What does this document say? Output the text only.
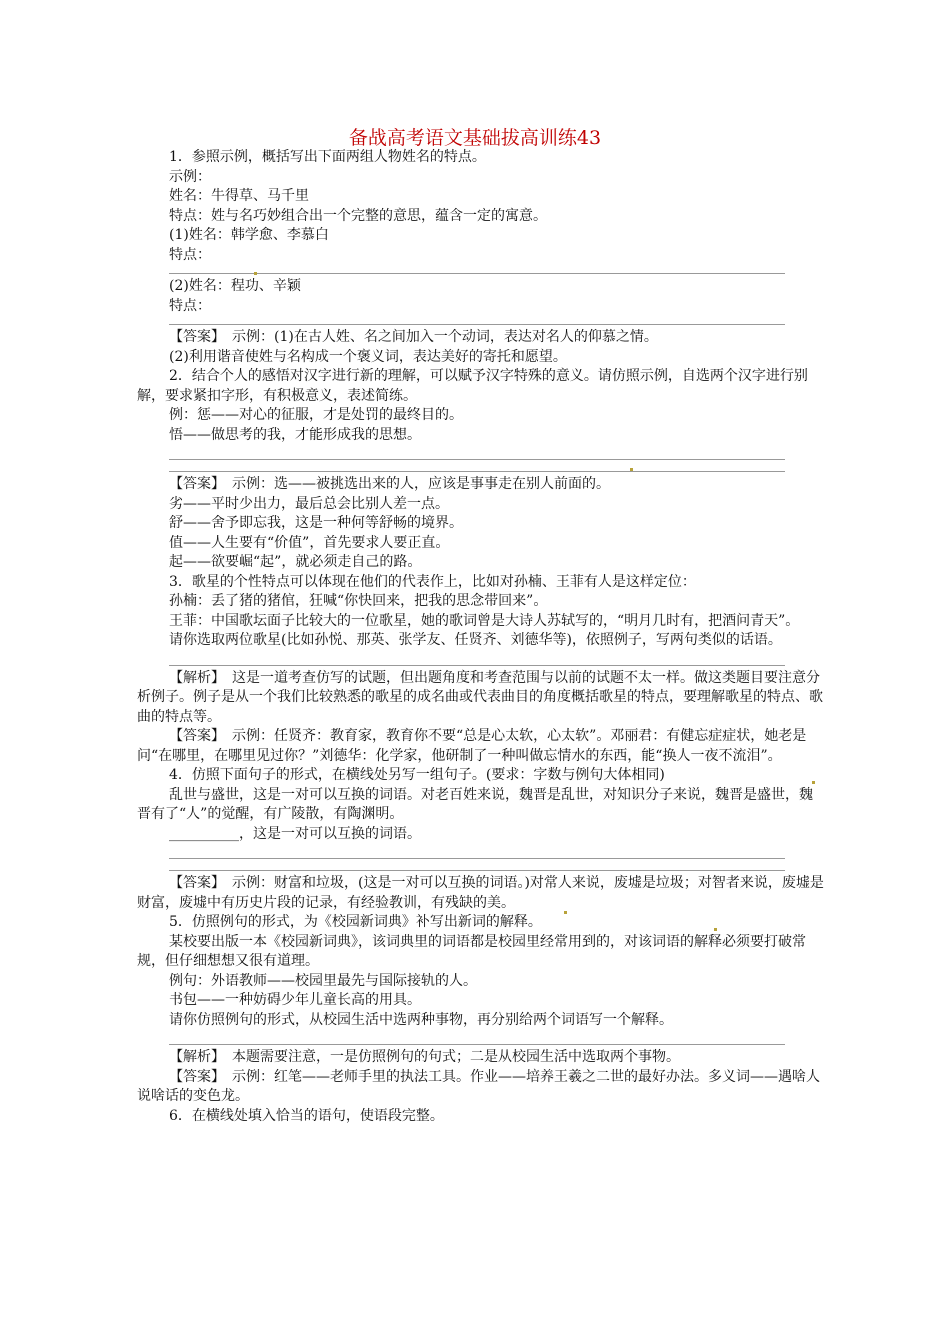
备战高考语文基础拔高训练43

1．参照示例，概括写出下面两组人物姓名的特点。

示例：

姓名：牛得草、马千里

特点：姓与名巧妙组合出一个完整的意思，蕴含一定的寓意。

(1)姓名：韩学愈、李慕白

特点：

(2)姓名：程功、辛颖

特点：

【答案】　示例：(1)在古人姓、名之间加入一个动词，表达对名人的仰慕之情。

(2)利用谐音使姓与名构成一个褒义词，表达美好的寄托和愿望。

2．结合个人的感悟对汉字进行新的理解，可以赋予汉字特殊的意义。请仿照示例，自选两个汉字进行别解，要求紧扣字形，有积极意义，表述简练。

例：惩——对心的征服，才是处罚的最终目的。

悟——做思考的我，才能形成我的思想。

【答案】　示例：选——被挑选出来的人，应该是事事走在别人前面的。

劣——平时少出力，最后总会比别人差一点。

舒——舍予即忘我，这是一种何等舒畅的境界。

值——人生要有“价值”，首先要求人要正直。

起——欲要崛“起”，就必须走自己的路。

3．歌星的个性特点可以体现在他们的代表作上，比如对孙楠、王菲有人是这样定位：

孙楠：丢了猪的猪倌，狂喊“你快回来，把我的思念带回来”。

王菲：中国歌坛面子比较大的一位歌星，她的歌词曾是大诗人苏轼写的，“明月几时有，把酒问青天”。

请你选取两位歌星(比如孙悦、那英、张学友、任贤齐、刘德华等)，依照例子，写两句类似的话语。

【解析】　这是一道考查仿写的试题，但出题角度和考查范围与以前的试题不太一样。做这类题目要注意分析例子。例子是从一个我们比较熟悉的歌星的成名曲或代表曲目的角度概括歌星的特点，要理解歌星的特点、歌曲的特点等。

【答案】　示例：任贤齐：教育家，教育你不要“总是心太软，心太软”。邓丽君：有健忘症症状，她老是问“在哪里，在哪里见过你？”刘德华：化学家，他研制了一种叫做忘情水的东西，能“换人一夜不流泪”。

4．仿照下面句子的形式，在横线处另写一组句子。(要求：字数与例句大体相同)

乱世与盛世，这是一对可以互换的词语。对老百姓来说，魏晋是乱世，对知识分子来说，魏晋是盛世，魏晋有了“人”的觉醒，有广陵散，有陶渊明。

__________，这是一对可以互换的词语。

【答案】　示例：财富和垃圾，(这是一对可以互换的词语。)对常人来说，废墟是垃圾；对智者来说，废墟是财富，废墟中有历史片段的记录，有经验教训，有残缺的美。

5．仿照例句的形式，为《校园新词典》补写出新词的解释。

某校要出版一本《校园新词典》，该词典里的词语都是校园里经常用到的，对该词语的解释必须要打破常规，但仔细想想又很有道理。

例句：外语教师——校园里最先与国际接轨的人。

书包——一种妨碍少年儿童长高的用具。

请你仿照例句的形式，从校园生活中选两种事物，再分别给两个词语写一个解释。

【解析】　本题需要注意，一是仿照例句的句式；二是从校园生活中选取两个事物。

【答案】　示例：红笔——老师手里的执法工具。作业——培养王羲之二世的最好办法。多义词——遇啥人说啥话的变色龙。

6．在横线处填入恰当的语句，使语段完整。
